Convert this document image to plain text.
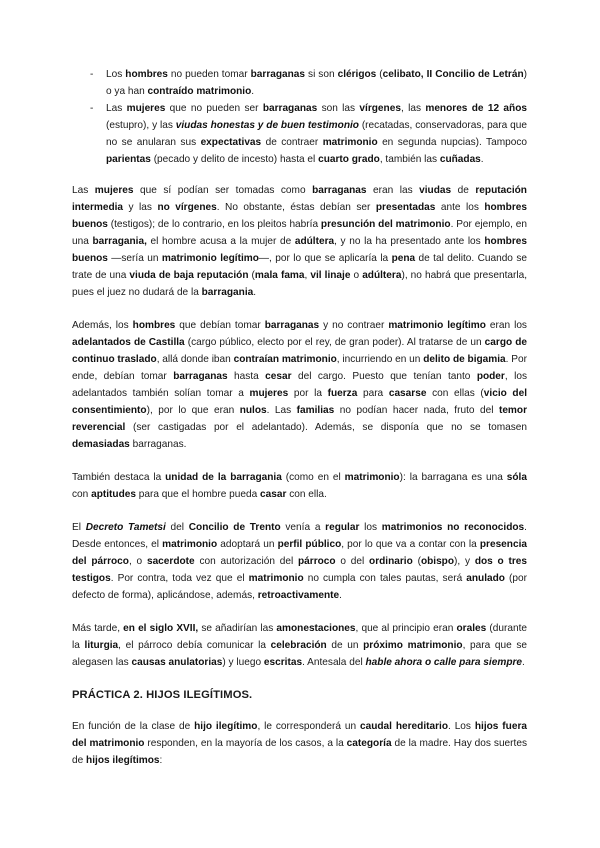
- Los hombres no pueden tomar barraganas si son clérigos (celibato, II Concilio de Letrán) o ya han contraído matrimonio.
- Las mujeres que no pueden ser barraganas son las vírgenes, las menores de 12 años (estupro), y las viudas honestas y de buen testimonio (recatadas, conservadoras, para que no se anularan sus expectativas de contraer matrimonio en segunda nupcias). Tampoco parientas (pecado y delito de incesto) hasta el cuarto grado, también las cuñadas.

Las mujeres que sí podían ser tomadas como barraganas eran las viudas de reputación intermedia y las no vírgenes. No obstante, éstas debían ser presentadas ante los hombres buenos (testigos); de lo contrario, en los pleitos habría presunción del matrimonio. Por ejemplo, en una barragania, el hombre acusa a la mujer de adúltera, y no la ha presentado ante los hombres buenos —sería un matrimonio legítimo—, por lo que se aplicaría la pena de tal delito. Cuando se trate de una viuda de baja reputación (mala fama, vil linaje o adúltera), no habrá que presentarla, pues el juez no dudará de la barragania.

Además, los hombres que debían tomar barraganas y no contraer matrimonio legítimo eran los adelantados de Castilla (cargo público, electo por el rey, de gran poder). Al tratarse de un cargo de continuo traslado, allá donde iban contraían matrimonio, incurriendo en un delito de bigamia. Por ende, debían tomar barraganas hasta cesar del cargo. Puesto que tenían tanto poder, los adelantados también solían tomar a mujeres por la fuerza para casarse con ellas (vicio del consentimiento), por lo que eran nulos. Las familias no podían hacer nada, fruto del temor reverencial (ser castigadas por el adelantado). Además, se disponía que no se tomasen demasiadas barraganas.

También destaca la unidad de la barragania (como en el matrimonio): la barragana es una sóla con aptitudes para que el hombre pueda casar con ella.

El Decreto Tametsi del Concilio de Trento venía a regular los matrimonios no reconocidos. Desde entonces, el matrimonio adoptará un perfil público, por lo que va a contar con la presencia del párroco, o sacerdote con autorización del párroco o del ordinario (obispo), y dos o tres testigos. Por contra, toda vez que el matrimonio no cumpla con tales pautas, será anulado (por defecto de forma), aplicándose, además, retroactivamente.

Más tarde, en el siglo XVII, se añadirían las amonestaciones, que al principio eran orales (durante la liturgia, el párroco debía comunicar la celebración de un próximo matrimonio, para que se alegasen las causas anulatorias) y luego escritas. Antesala del hable ahora o calle para siempre.

PRÁCTICA 2. HIJOS ILEGÍTIMOS.

En función de la clase de hijo ilegítimo, le corresponderá un caudal hereditario. Los hijos fuera del matrimonio responden, en la mayoría de los casos, a la categoría de la madre. Hay dos suertes de hijos ilegítimos:
